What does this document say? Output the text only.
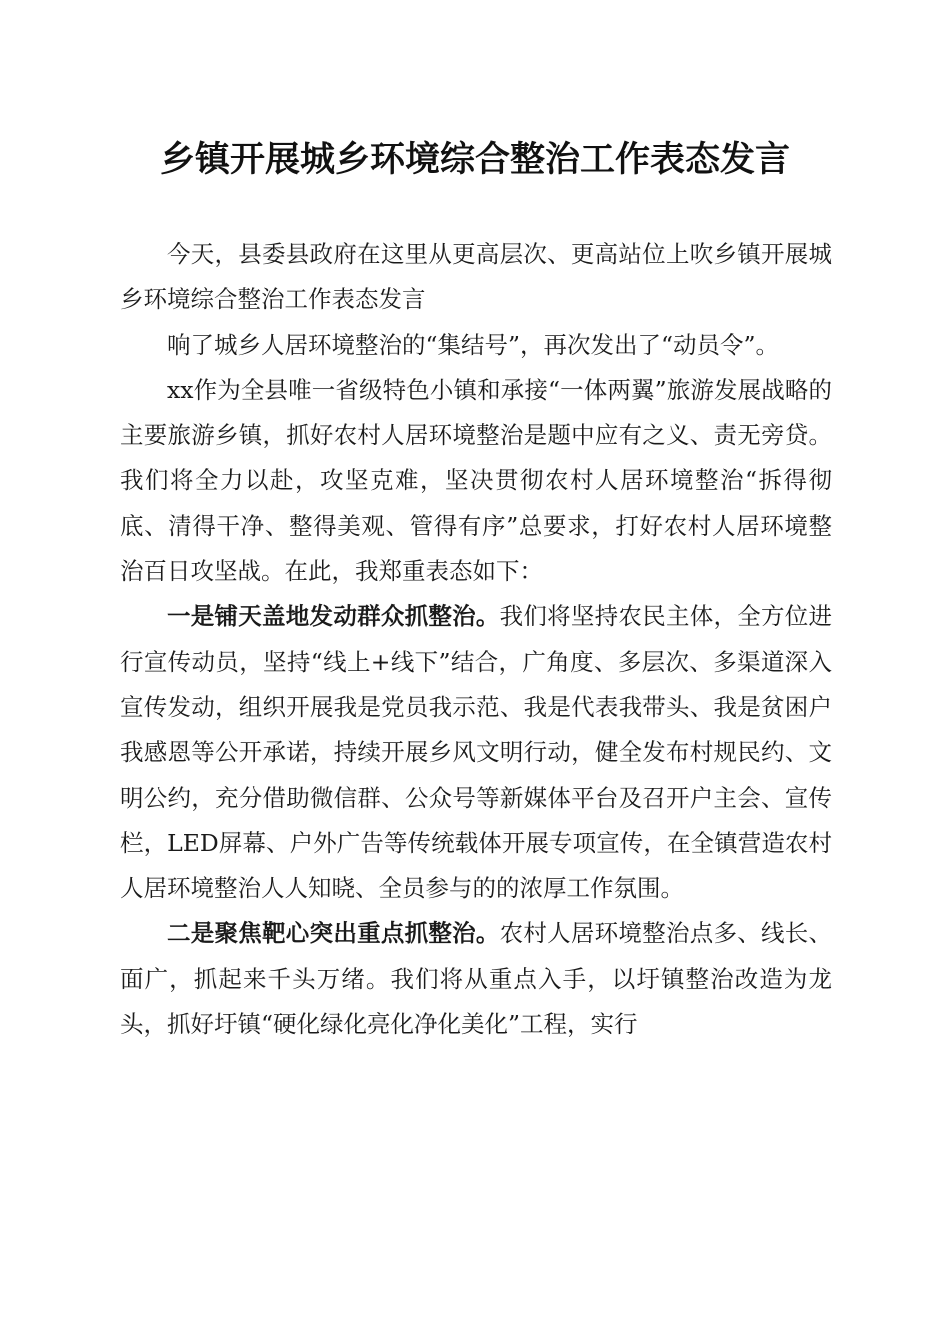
乡镇开展城乡环境综合整治工作表态发言

今天，县委县政府在这里从更高层次、更高站位上吹乡镇开展城乡环境综合整治工作表态发言

响了城乡人居环境整治的“集结号”，再次发出了“动员令”。

xx作为全县唯一省级特色小镇和承接“一体两翼”旅游发展战略的主要旅游乡镇，抓好农村人居环境整治是题中应有之义、责无旁贷。我们将全力以赴，攻坚克难，坚决贯彻农村人居环境整治“拆得彻底、清得干净、整得美观、管得有序”总要求，打好农村人居环境整治百日攻坚战。在此，我郑重表态如下：

一是铺天盖地发动群众抓整治。我们将坚持农民主体，全方位进行宣传动员，坚持“线上+线下”结合，广角度、多层次、多渠道深入宣传发动，组织开展我是党员我示范、我是代表我带头、我是贫困户我感恩等公开承诺，持续开展乡风文明行动，健全发布村规民约、文明公约，充分借助微信群、公众号等新媒体平台及召开户主会、宣传栏，LED屏幕、户外广告等传统载体开展专项宣传，在全镇营造农村人居环境整治人人知晓、全员参与的的浓厚工作氛围。

二是聚焦靶心突出重点抓整治。农村人居环境整治点多、线长、面广，抓起来千头万绪。我们将从重点入手，以圩镇整治改造为龙头，抓好圩镇“硬化绿化亮化净化美化”工程，实行
